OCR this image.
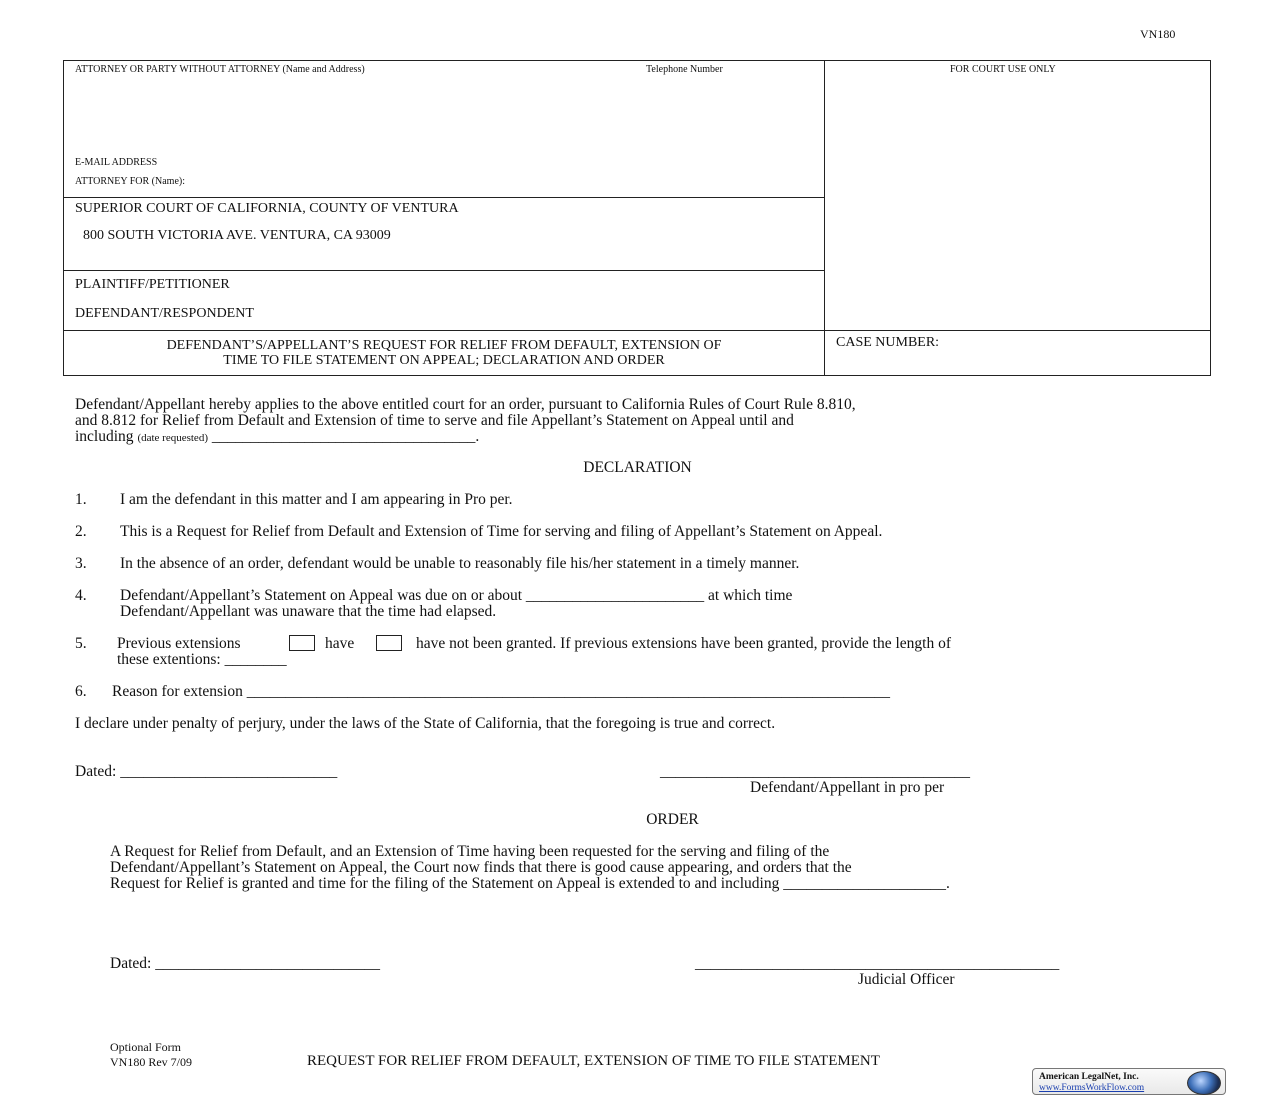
VN180
ATTORNEY OR PARTY WITHOUT ATTORNEY (Name and Address)	Telephone Number	FOR COURT USE ONLY
E-MAIL ADDRESS
ATTORNEY FOR (Name):
SUPERIOR COURT OF CALIFORNIA, COUNTY OF VENTURA
800 SOUTH VICTORIA AVE. VENTURA, CA 93009
PLAINTIFF/PETITIONER
DEFENDANT/RESPONDENT
DEFENDANT’S/APPELLANT’S REQUEST FOR RELIEF FROM DEFAULT, EXTENSION OF
TIME TO FILE STATEMENT ON APPEAL; DECLARATION AND ORDER
CASE NUMBER:
Defendant/Appellant hereby applies to the above entitled court for an order, pursuant to California Rules of Court Rule 8.810,
and 8.812 for Relief from Default and Extension of time to serve and file Appellant’s Statement on Appeal until and
including (date requested) __________________________________.
DECLARATION
1. I am the defendant in this matter and I am appearing in Pro per.
2. This is a Request for Relief from Default and Extension of Time for serving and filing of Appellant’s Statement on Appeal.
3. In the absence of an order, defendant would be unable to reasonably file his/her statement in a timely manner.
4. Defendant/Appellant’s Statement on Appeal was due on or about _______________________ at which time
Defendant/Appellant was unaware that the time had elapsed.
5. Previous extensions	have	have not been granted. If previous extensions have been granted, provide the length of
these extentions: ________
6. Reason for extension ___________________________________________________________________________________
I declare under penalty of perjury, under the laws of the State of California, that the foregoing is true and correct.
Dated: ____________________________	________________________________________
Defendant/Appellant in pro per
ORDER
A Request for Relief from Default, and an Extension of Time having been requested for the serving and filing of the
Defendant/Appellant’s Statement on Appeal, the Court now finds that there is good cause appearing, and orders that the
Request for Relief is granted and time for the filing of the Statement on Appeal is extended to and including _____________________.
Dated: _____________________________	_______________________________________________
Judicial Officer
Optional Form
VN180 Rev 7/09	REQUEST FOR RELIEF FROM DEFAULT, EXTENSION OF TIME TO FILE STATEMENT
American LegalNet, Inc.
www.FormsWorkFlow.com
